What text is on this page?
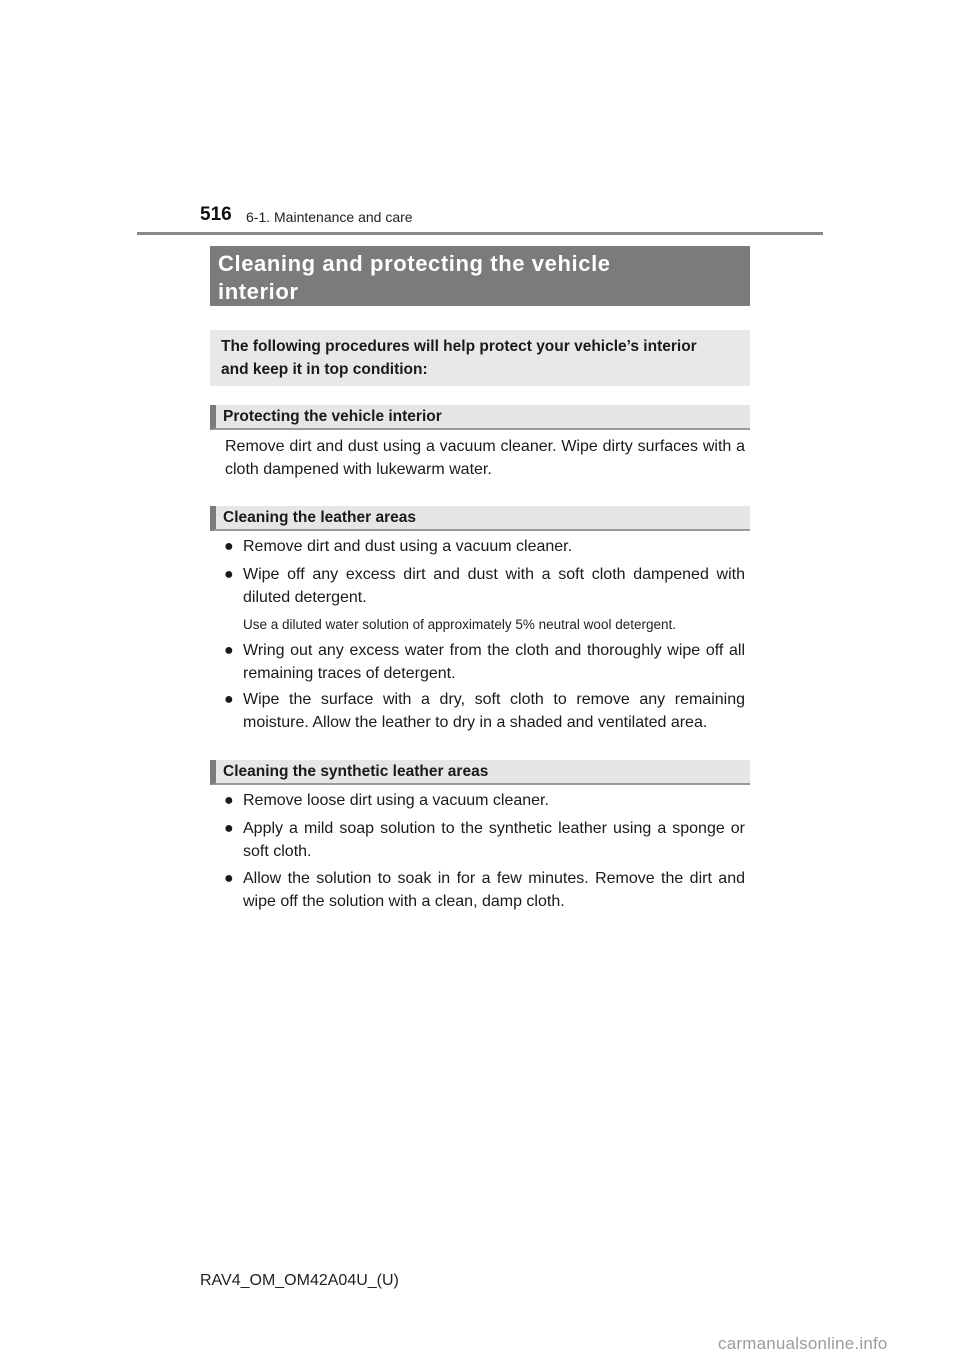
516 6-1. Maintenance and care
Cleaning and protecting the vehicle
interior
The following procedures will help protect your vehicle’s interior
and keep it in top condition:
Protecting the vehicle interior

Remove dirt and dust using a vacuum cleaner. Wipe dirty surfaces with a cloth dampened with lukewarm water.

Cleaning the leather areas
● Remove dirt and dust using a vacuum cleaner.
● Wipe off any excess dirt and dust with a soft cloth dampened with diluted detergent.
Use a diluted water solution of approximately 5% neutral wool detergent.
● Wring out any excess water from the cloth and thoroughly wipe off all remaining traces of detergent.
● Wipe the surface with a dry, soft cloth to remove any remaining moisture. Allow the leather to dry in a shaded and ventilated area.
Cleaning the synthetic leather areas
● Remove loose dirt using a vacuum cleaner.
● Apply a mild soap solution to the synthetic leather using a sponge or soft cloth.
● Allow the solution to soak in for a few minutes. Remove the dirt and wipe off the solution with a clean, damp cloth.
RAV4_OM_OM42A04U_(U)
carmanualsonline.info
